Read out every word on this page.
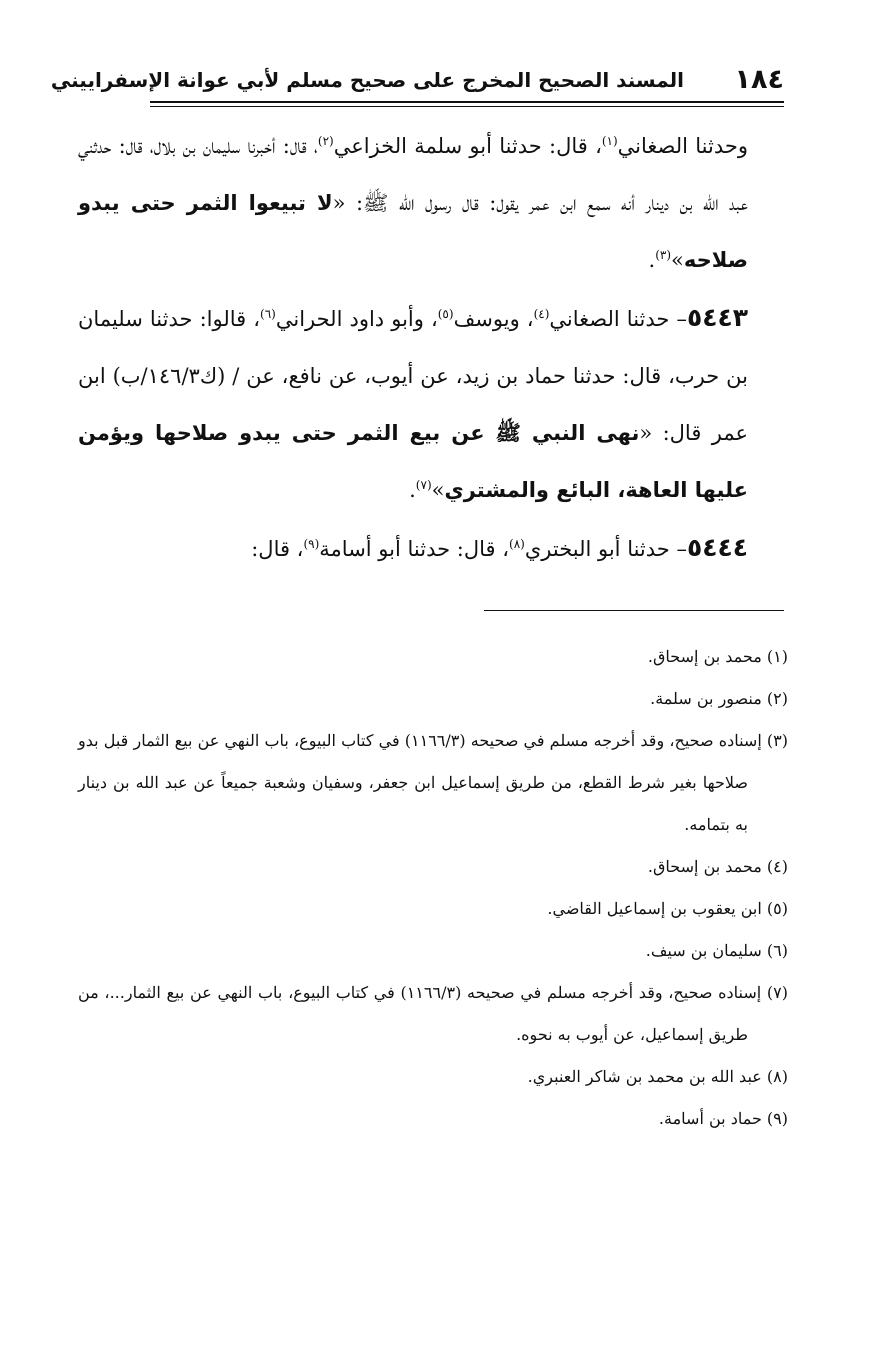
١٨٤
المسند الصحيح المخرج على صحيح مسلم لأبي عوانة الإسفراييني

وحدثنا الصغاني$^{(١)}$، قال: حدثنا أبو سلمة الخزاعي$^{(٢)}$، قال: أخبرنا سليمان بن بلال، قال: حدثني عبد الله بن دينار أنه سمع ابن عمر يقول: قال رسول الله ﷺ: «لا تبيعوا الثمر حتى يبدو صلاحه»$^{(٣)}$.

٥٤٤٣– حدثنا الصغاني$^{(٤)}$، ويوسف$^{(٥)}$، وأبو داود الحراني$^{(٦)}$، قالوا: حدثنا سليمان بن حرب، قال: حدثنا حماد بن زيد، عن أيوب، عن نافع، عن / (ك١٤٦/٣/ب) ابن عمر قال: «نهى النبي ﷺ عن بيع الثمر حتى يبدو صلاحها ويؤمن عليها العاهة، البائع والمشتري»$^{(٧)}$.

٥٤٤٤– حدثنا أبو البختري$^{(٨)}$، قال: حدثنا أبو أسامة$^{(٩)}$، قال:

(١) محمد بن إسحاق.

(٢) منصور بن سلمة.

(٣) إسناده صحيح، وقد أخرجه مسلم في صحيحه (١١٦٦/٣) في كتاب البيوع، باب النهي عن بيع الثمار قبل بدو صلاحها بغير شرط القطع، من طريق إسماعيل ابن جعفر، وسفيان وشعبة جميعاً عن عبد الله بن دينار به بتمامه.

(٤) محمد بن إسحاق.

(٥) ابن يعقوب بن إسماعيل القاضي.

(٦) سليمان بن سيف.

(٧) إسناده صحيح، وقد أخرجه مسلم في صحيحه (١١٦٦/٣) في كتاب البيوع، باب النهي عن بيع الثمار...، من طريق إسماعيل، عن أيوب به نحوه.

(٨) عبد الله بن محمد بن شاكر العنبري.

(٩) حماد بن أسامة.
